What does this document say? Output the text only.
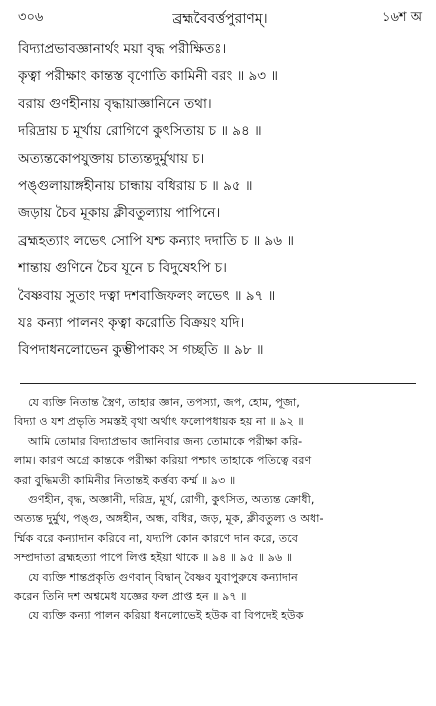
৩০৬	ব্রহ্মবৈবর্ত্তপুরাণম্।	১৬শ অ
বিদ্যাপ্রভাবজ্ঞানার্থং ময়া বৃদ্ধ পরীক্ষিতঃ।
কৃত্বা পরীক্ষাং কান্তস্ত বৃণোতি কামিনী বরং ॥ ৯৩ ॥
বরায় গুণহীনায় বৃদ্ধায়াজ্ঞানিনে তথা।
দরিদ্রায় চ মূর্খায় রোগিণে কুৎসিতায় চ ॥ ৯৪ ॥
অত্যন্তকোপযুক্তায় চাত্যন্তদুর্মুখায় চ।
পঙ্গুলায়াঙ্গহীনায় চান্ধায় বধিরায় চ ॥ ৯৫ ॥
জড়ায় চৈব মূকায় ক্লীবতুল্যায় পাপিনে।
ব্রহ্মহত্যাং লভেৎ সোপি যশ্চ কন্যাং দদাতি চ ॥ ৯৬ ॥
শান্তায় গুণিনে চৈব যূনে চ বিদুষেঽপি চ।
বৈষ্ণবায় সুতাং দত্বা দশবাজিফলং লভেৎ ॥ ৯৭ ॥
যঃ কন্যা পালনং কৃত্বা করোতি বিক্রয়ং যদি।
বিপদাধনলোভেন কুম্ভীপাকং স গচ্ছতি ॥ ৯৮ ॥
যে ব্যক্তি নিতান্ত স্ত্রৈণ, তাহার জ্ঞান, তপস্যা, জপ, হোম, পূজা,
বিদ্যা ও যশ প্রভৃতি সমস্তই বৃথা অর্থাৎ ফলোপধায়ক হয় না ॥ ৯২ ॥
আমি তোমার বিদ্যাপ্রভাব জানিবার জন্য তোমাকে পরীক্ষা করি-
লাম। কারণ অগ্রে কান্তকে পরীক্ষা করিয়া পশ্চাৎ তাহাকে পতিত্বে বরণ
করা বুদ্ধিমতী কামিনীর নিতান্তই কর্ত্তব্য কর্ম্ম ॥ ৯৩ ॥
গুণহীন, বৃদ্ধ, অজ্ঞানী, দরিদ্র, মূর্খ, রোগী, কুৎসিত, অত্যন্ত ক্রোধী,
অত্যন্ত দুর্মুখ, পঙ্গু, অঙ্গহীন, অন্ধ, বধির, জড়, মূক, ক্লীবতুল্য ও অধা-
র্ম্মিক বরে কন্যাদান করিবে না, যদ্যপি কোন কারণে দান করে, তবে
সম্প্রদাতা ব্রহ্মহত্যা পাপে লিপ্ত হইয়া থাকে ॥ ৯৪ ॥ ৯৫ ॥ ৯৬ ॥
যে ব্যক্তি শান্তপ্রকৃতি গুণবান্ বিদ্বান্ বৈষ্ণব যুবাপুরুষে কন্যাদান
করেন তিনি দশ অশ্বমেধ যজ্ঞের ফল প্রাপ্ত হন ॥ ৯৭ ॥
যে ব্যক্তি কন্যা পালন করিয়া ধনলোভেই হউক বা বিপদেই হউক
